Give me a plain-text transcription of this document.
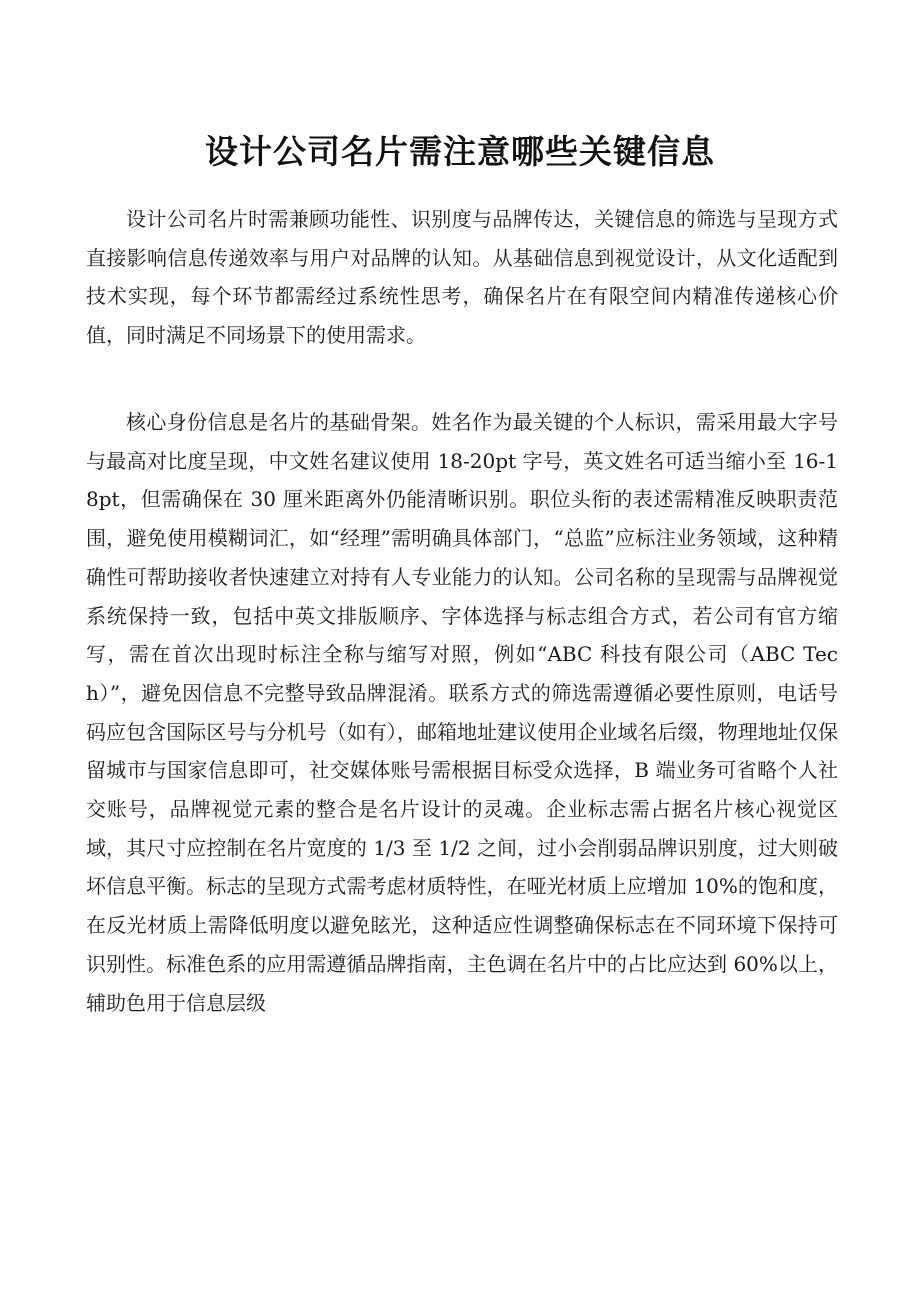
设计公司名片需注意哪些关键信息

设计公司名片时需兼顾功能性、识别度与品牌传达，关键信息的筛选与呈现方式直接影响信息传递效率与用户对品牌的认知。从基础信息到视觉设计，从文化适配到技术实现，每个环节都需经过系统性思考，确保名片在有限空间内精准传递核心价值，同时满足不同场景下的使用需求。

核心身份信息是名片的基础骨架。姓名作为最关键的个人标识，需采用最大字号与最高对比度呈现，中文姓名建议使用 18-20pt 字号，英文姓名可适当缩小至 16-18pt，但需确保在 30 厘米距离外仍能清晰识别。职位头衔的表述需精准反映职责范围，避免使用模糊词汇，如“经理”需明确具体部门，“总监”应标注业务领域，这种精确性可帮助接收者快速建立对持有人专业能力的认知。公司名称的呈现需与品牌视觉系统保持一致，包括中英文排版顺序、字体选择与标志组合方式，若公司有官方缩写，需在首次出现时标注全称与缩写对照，例如“ABC 科技有限公司（ABC Tech）”，避免因信息不完整导致品牌混淆。联系方式的筛选需遵循必要性原则，电话号码应包含国际区号与分机号（如有），邮箱地址建议使用企业域名后缀，物理地址仅保留城市与国家信息即可，社交媒体账号需根据目标受众选择，B 端业务可省略个人社交账号，品牌视觉元素的整合是名片设计的灵魂。企业标志需占据名片核心视觉区域，其尺寸应控制在名片宽度的 1/3 至 1/2 之间，过小会削弱品牌识别度，过大则破坏信息平衡。标志的呈现方式需考虑材质特性，在哑光材质上应增加 10%的饱和度，在反光材质上需降低明度以避免眩光，这种适应性调整确保标志在不同环境下保持可识别性。标准色系的应用需遵循品牌指南，主色调在名片中的占比应达到 60%以上，辅助色用于信息层级
